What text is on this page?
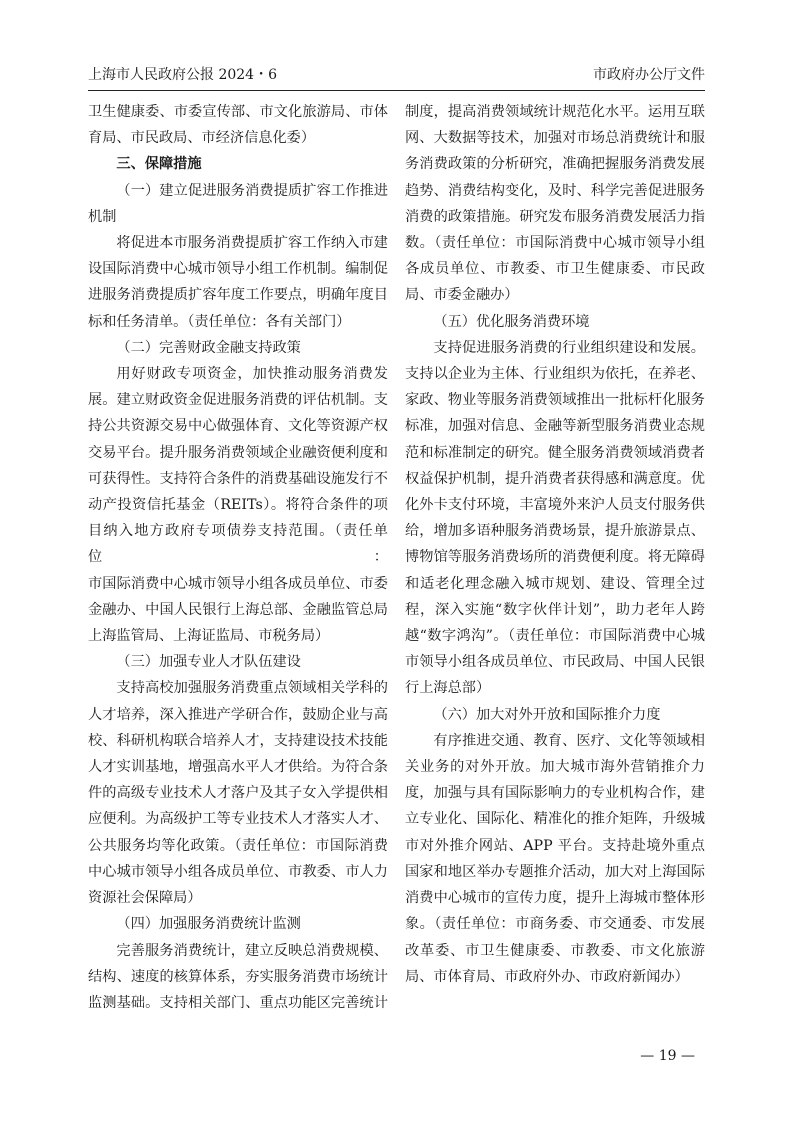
上海市人民政府公报 2024・6	市政府办公厅文件
卫生健康委、市委宣传部、市文化旅游局、市体
育局、市民政局、市经济信息化委）
三、保障措施
（一）建立促进服务消费提质扩容工作推进
机制
将促进本市服务消费提质扩容工作纳入市建
设国际消费中心城市领导小组工作机制。编制促
进服务消费提质扩容年度工作要点，明确年度目
标和任务清单。（责任单位：各有关部门）
（二）完善财政金融支持政策
用好财政专项资金，加快推动服务消费发
展。建立财政资金促进服务消费的评估机制。支
持公共资源交易中心做强体育、文化等资源产权
交易平台。提升服务消费领域企业融资便利度和
可获得性。支持符合条件的消费基础设施发行不
动产投资信托基金（REITs）。将符合条件的项
目纳入地方政府专项债券支持范围。（责任单位：
市国际消费中心城市领导小组各成员单位、市委
金融办、中国人民银行上海总部、金融监管总局
上海监管局、上海证监局、市税务局）
（三）加强专业人才队伍建设
支持高校加强服务消费重点领域相关学科的
人才培养，深入推进产学研合作，鼓励企业与高
校、科研机构联合培养人才，支持建设技术技能
人才实训基地，增强高水平人才供给。为符合条
件的高级专业技术人才落户及其子女入学提供相
应便利。为高级护工等专业技术人才落实人才、
公共服务均等化政策。（责任单位：市国际消费
中心城市领导小组各成员单位、市教委、市人力
资源社会保障局）
（四）加强服务消费统计监测
完善服务消费统计，建立反映总消费规模、
结构、速度的核算体系，夯实服务消费市场统计
监测基础。支持相关部门、重点功能区完善统计
制度，提高消费领域统计规范化水平。运用互联
网、大数据等技术，加强对市场总消费统计和服
务消费政策的分析研究，准确把握服务消费发展
趋势、消费结构变化，及时、科学完善促进服务
消费的政策措施。研究发布服务消费发展活力指
数。（责任单位：市国际消费中心城市领导小组
各成员单位、市教委、市卫生健康委、市民政
局、市委金融办）
（五）优化服务消费环境
支持促进服务消费的行业组织建设和发展。
支持以企业为主体、行业组织为依托，在养老、
家政、物业等服务消费领域推出一批标杆化服务
标准，加强对信息、金融等新型服务消费业态规
范和标准制定的研究。健全服务消费领域消费者
权益保护机制，提升消费者获得感和满意度。优
化外卡支付环境，丰富境外来沪人员支付服务供
给，增加多语种服务消费场景，提升旅游景点、
博物馆等服务消费场所的消费便利度。将无障碍
和适老化理念融入城市规划、建设、管理全过
程，深入实施“数字伙伴计划”，助力老年人跨
越“数字鸿沟”。（责任单位：市国际消费中心城
市领导小组各成员单位、市民政局、中国人民银
行上海总部）
（六）加大对外开放和国际推介力度
有序推进交通、教育、医疗、文化等领域相
关业务的对外开放。加大城市海外营销推介力
度，加强与具有国际影响力的专业机构合作，建
立专业化、国际化、精准化的推介矩阵，升级城
市对外推介网站、APP 平台。支持赴境外重点
国家和地区举办专题推介活动，加大对上海国际
消费中心城市的宣传力度，提升上海城市整体形
象。（责任单位：市商务委、市交通委、市发展
改革委、市卫生健康委、市教委、市文化旅游
局、市体育局、市政府外办、市政府新闻办）
— 19 —
